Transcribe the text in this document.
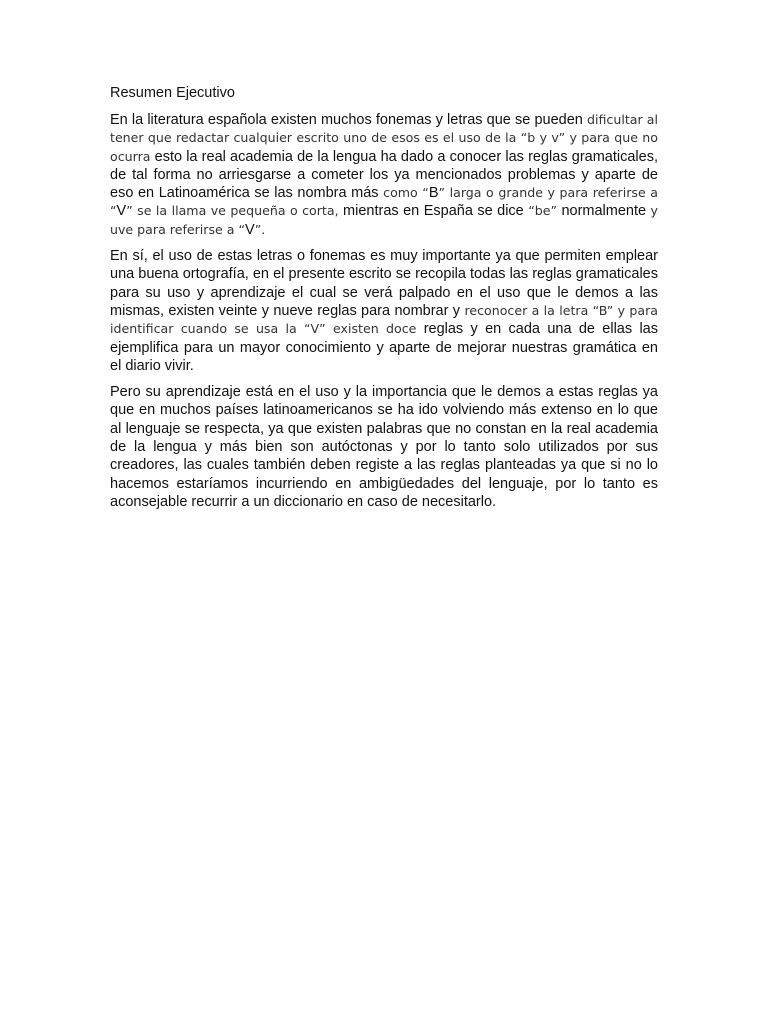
Resumen Ejecutivo

En la literatura española existen muchos fonemas y letras que se pueden dificultar al tener que redactar cualquier escrito uno de esos es el uso de la “b y v” y para que no ocurra esto la real academia de la lengua ha dado a conocer las reglas gramaticales, de tal forma no arriesgarse a cometer los ya mencionados problemas y aparte de eso en Latinoamérica se las nombra más como “B” larga o grande y para referirse a “V” se la llama ve pequeña o corta, mientras en España se dice “be” normalmente y uve para referirse a “V”.

En sí, el uso de estas letras o fonemas es muy importante ya que permiten emplear una buena ortografía, en el presente escrito se recopila todas las reglas gramaticales para su uso y aprendizaje el cual se verá palpado en el uso que le demos a las mismas, existen veinte y nueve reglas para nombrar y reconocer a la letra “B” y para identificar cuando se usa la “V” existen doce reglas y en cada una de ellas las ejemplifica para un mayor conocimiento y aparte de mejorar nuestras gramática en el diario vivir.

Pero su aprendizaje está en el uso y la importancia que le demos a estas reglas ya que en muchos países latinoamericanos se ha ido volviendo más extenso en lo que al lenguaje se respecta, ya que existen palabras que no constan en la real academia de la lengua y más bien son autóctonas y por lo tanto solo utilizados por sus creadores, las cuales también deben registe a las reglas planteadas ya que si no lo hacemos estaríamos incurriendo en ambigüedades del lenguaje, por lo tanto es aconsejable recurrir a un diccionario en caso de necesitarlo.
